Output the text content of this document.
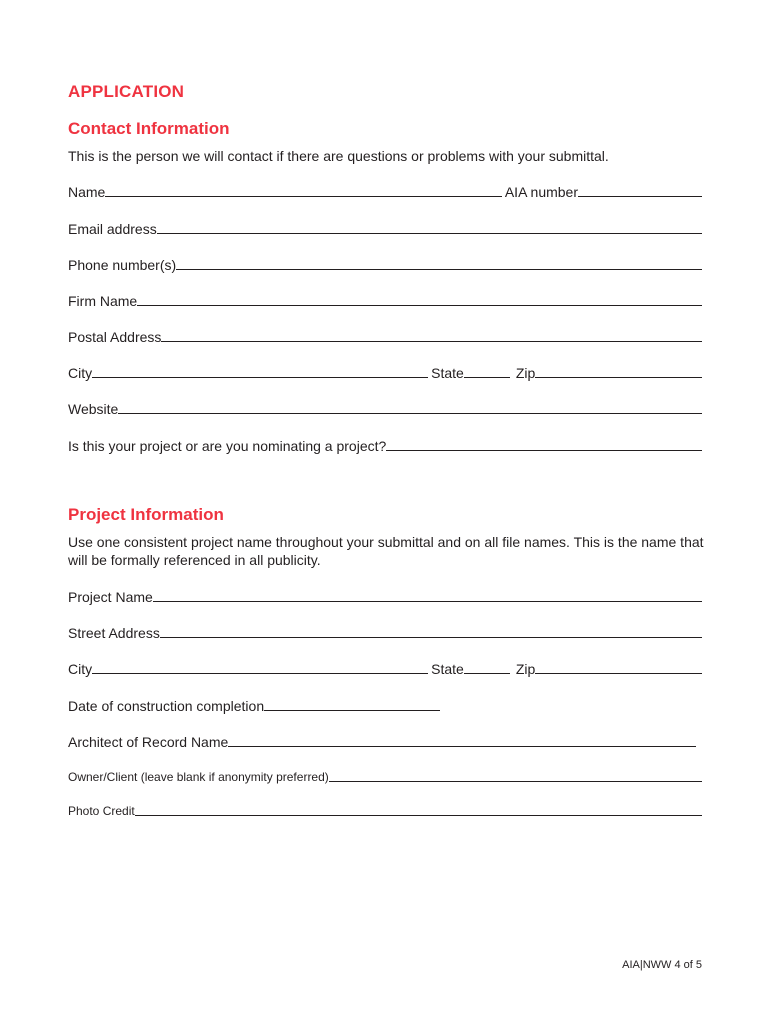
APPLICATION
Contact Information
This is the person we will contact if there are questions or problems with your submittal.
Name	AIA number
Email address
Phone number(s)
Firm Name
Postal Address
City	State	Zip
Website
Is this your project or are you nominating a project?
Project Information
Use one consistent project name throughout your submittal and on all file names. This is the name that will be formally referenced in all publicity.
Project Name
Street Address
City	State	Zip
Date of construction completion
Architect of Record Name
Owner/Client (leave blank if anonymity preferred)
Photo Credit
AIA|NWW 4 of 5
